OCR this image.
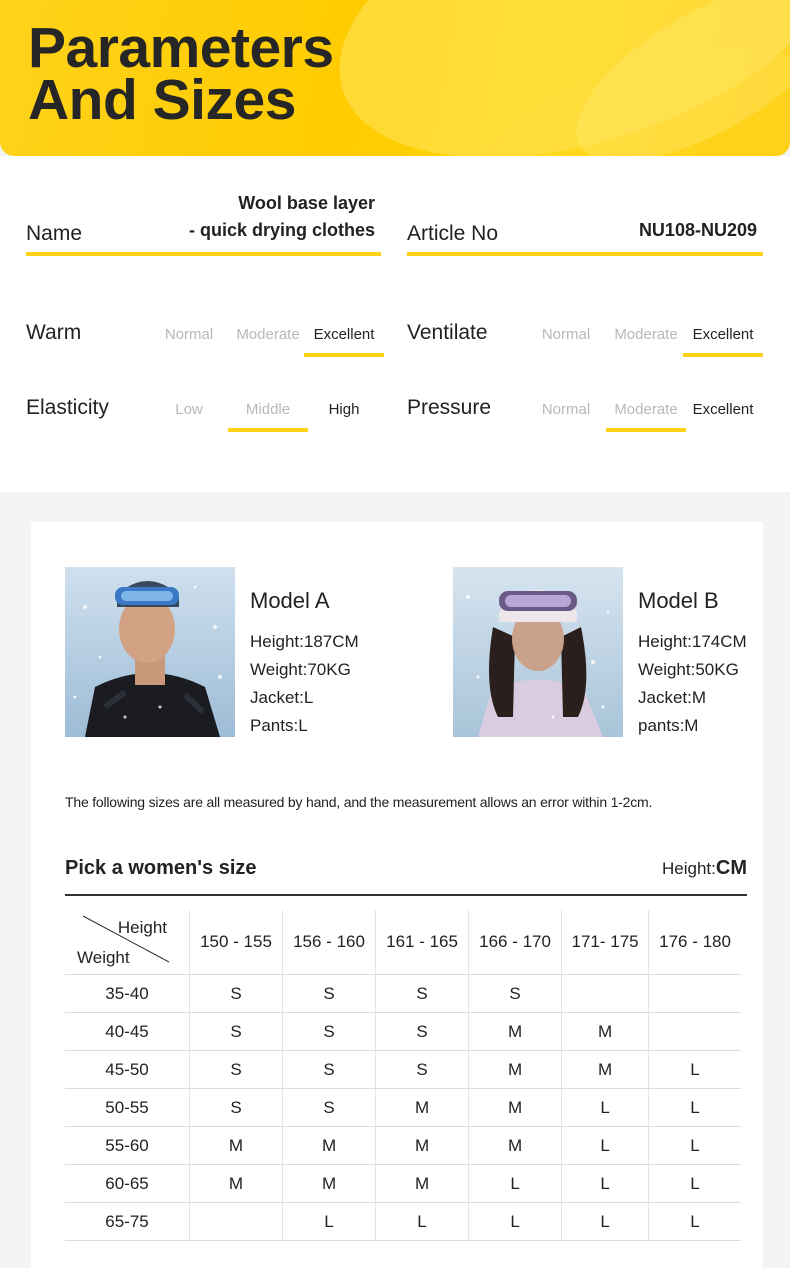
Parameters
And Sizes
Name
Wool base layer
- quick drying clothes Article No	NU108-NU209
Warm	Normal	Moderate Excellent	Ventilate	Normal	Moderate Excellent
Elasticity	Low	Middle	High	Pressure	Normal	Moderate Excellent
Model A
Height:187CM
Weight:70KG
Jacket:L
Pants:L
Model B
Height:174CM
Weight:50KG
Jacket:M
pants:M
The following sizes are all measured by hand, and the measurement allows an error within 1-2cm.
Pick a women's size	Height:CM
Height
Weight	150 - 155	156 - 160	161 - 165	166 - 170	171- 175	176 - 180
35-40	S	S	S	S		
40-45	S	S	S	M	M	
45-50	S	S	S	M	M	L
50-55	S	S	M	M	L	L
55-60	M	M	M	M	L	L
60-65	M	M	M	L	L	L
65-75		L	L	L	L	L
